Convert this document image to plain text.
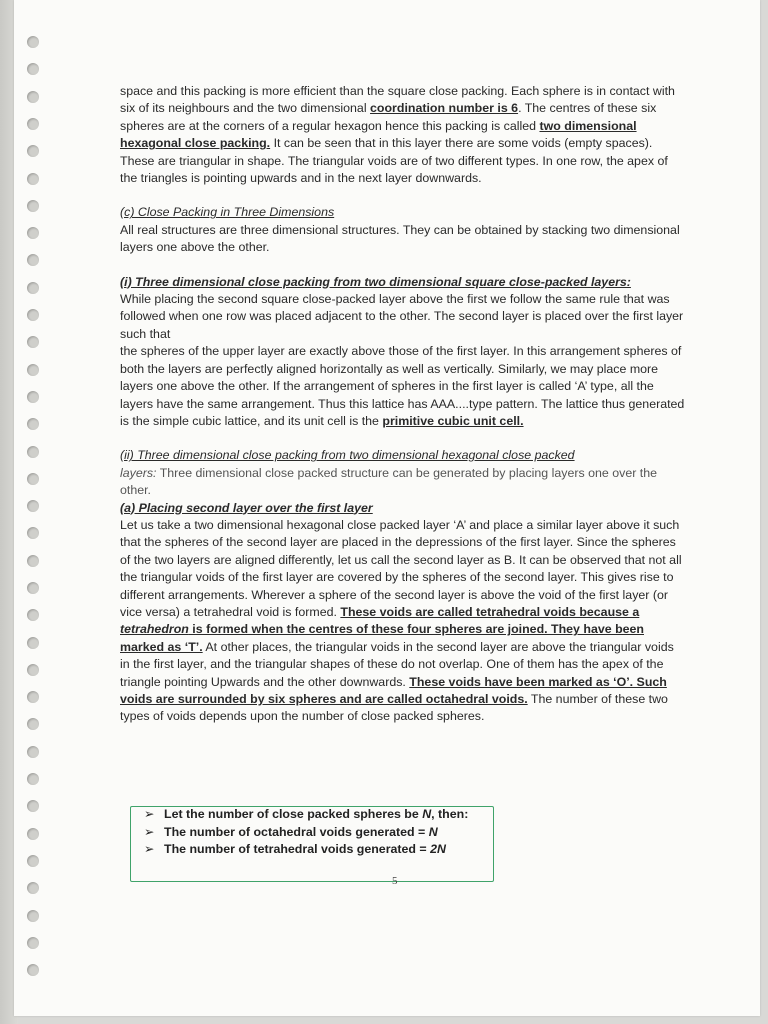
space and this packing is more efficient than the square close packing. Each sphere is in contact with six of its neighbours and the two dimensional coordination number is 6. The centres of these six spheres are at the corners of a regular hexagon hence this packing is called two dimensional hexagonal close packing. It can be seen that in this layer there are some voids (empty spaces). These are triangular in shape. The triangular voids are of two different types. In one row, the apex of the triangles is pointing upwards and in the next layer downwards.

(c) Close Packing in Three Dimensions

All real structures are three dimensional structures. They can be obtained by stacking two dimensional layers one above the other.

(i) Three dimensional close packing from two dimensional square close-packed layers:

While placing the second square close-packed layer above the first we follow the same rule that was followed when one row was placed adjacent to the other. The second layer is placed over the first layer such that

the spheres of the upper layer are exactly above those of the first layer. In this arrangement spheres of both the layers are perfectly aligned horizontally as well as vertically. Similarly, we may place more layers one above the other. If the arrangement of spheres in the first layer is called ‘A’ type, all the layers have the same arrangement. Thus this lattice has AAA....type pattern. The lattice thus generated is the simple cubic lattice, and its unit cell is the primitive cubic unit cell.

(ii) Three dimensional close packing from two dimensional hexagonal close packed

layers: Three dimensional close packed structure can be generated by placing layers one over the other.

(a) Placing second layer over the first layer

Let us take a two dimensional hexagonal close packed layer ‘A’ and place a similar layer above it such that the spheres of the second layer are placed in the depressions of the first layer. Since the spheres of the two layers are aligned differently, let us call the second layer as B. It can be observed that not all the triangular voids of the first layer are covered by the spheres of the second layer. This gives rise to different arrangements. Wherever a sphere of the second layer is above the void of the first layer (or vice versa) a tetrahedral void is formed. These voids are called tetrahedral voids because a tetrahedron is formed when the centres of these four spheres are joined. They have been marked as ‘T’. At other places, the triangular voids in the second layer are above the triangular voids in the first layer, and the triangular shapes of these do not overlap. One of them has the apex of the triangle pointing Upwards and the other downwards. These voids have been marked as ‘O’. Such voids are surrounded by six spheres and are called octahedral voids. The number of these two types of voids depends upon the number of close packed spheres.

➢ Let the number of close packed spheres be N, then:
➢ The number of octahedral voids generated = N
➢ The number of tetrahedral voids generated = 2N
5
